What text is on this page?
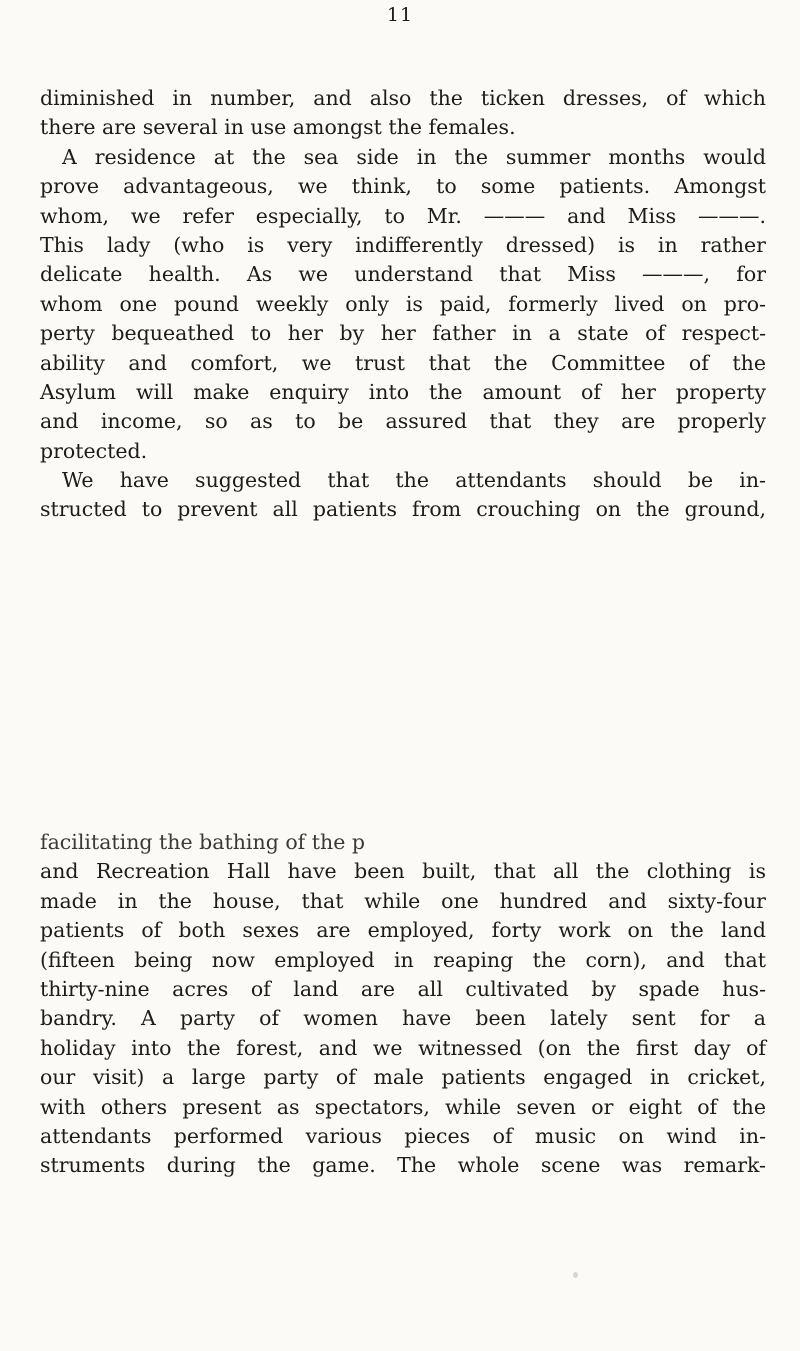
11
diminished in number, and also the ticken dresses, of which
there are several in use amongst the females.
A residence at the sea side in the summer months would
prove advantageous, we think, to some patients. Amongst
whom, we refer especially, to Mr. ——— and Miss ———.
This lady (who is very indifferently dressed) is in rather
delicate health. As we understand that Miss ———, for
whom one pound weekly only is paid, formerly lived on pro-
perty bequeathed to her by her father in a state of respect-
ability and comfort, we trust that the Committee of the
Asylum will make enquiry into the amount of her property
and income, so as to be assured that they are properly
protected.
We have suggested that the attendants should be in-
structed to prevent all patients from crouching on the ground,
facilitating the bathing of the p
and Recreation Hall have been built, that all the clothing is
made in the house, that while one hundred and sixty-four
patients of both sexes are employed, forty work on the land
(fifteen being now employed in reaping the corn), and that
thirty-nine acres of land are all cultivated by spade hus-
bandry. A party of women have been lately sent for a
holiday into the forest, and we witnessed (on the first day of
our visit) a large party of male patients engaged in cricket,
with others present as spectators, while seven or eight of the
attendants performed various pieces of music on wind in-
struments during the game. The whole scene was remark-
